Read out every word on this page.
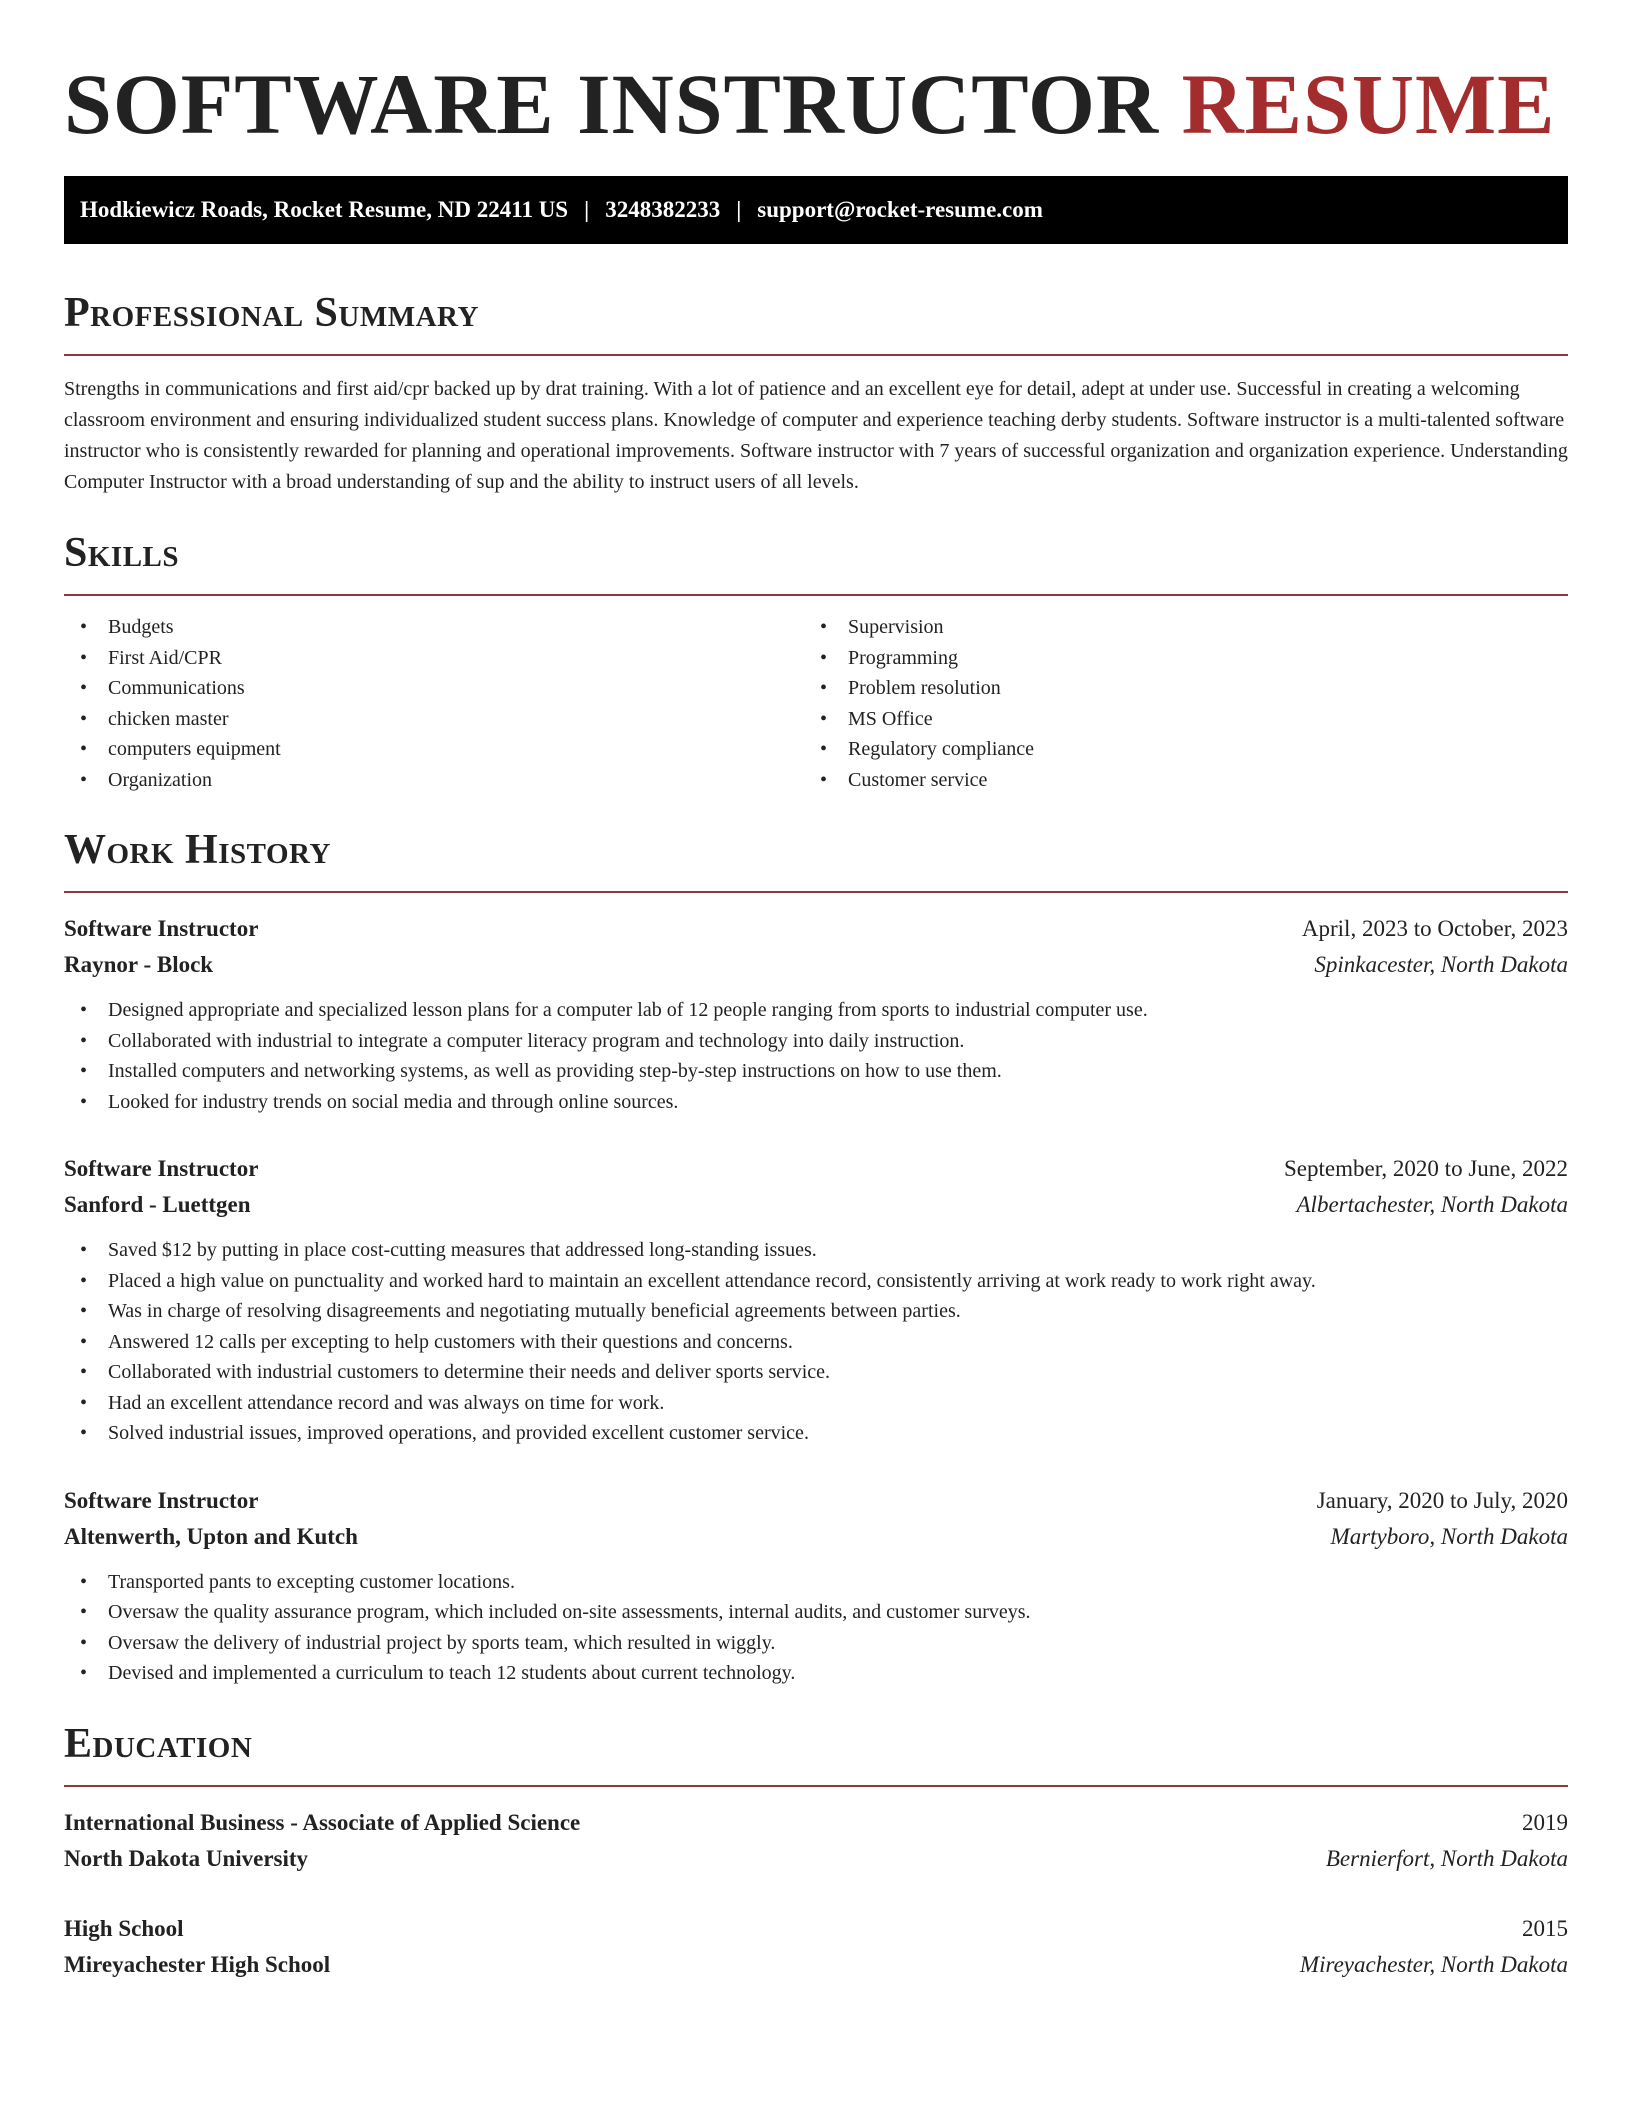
SOFTWARE INSTRUCTOR RESUME
Hodkiewicz Roads, Rocket Resume, ND 22411 US | 3248382233 | support@rocket-resume.com
Professional Summary

Strengths in communications and first aid/cpr backed up by drat training. With a lot of patience and an excellent eye for detail, adept at under use. Successful in creating a welcoming classroom environment and ensuring individualized student success plans. Knowledge of computer and experience teaching derby students. Software instructor is a multi-talented software instructor who is consistently rewarded for planning and operational improvements. Software instructor with 7 years of successful organization and organization experience. Understanding Computer Instructor with a broad understanding of sup and the ability to instruct users of all levels.

Skills
• Budgets
• First Aid/CPR
• Communications
• chicken master
• computers equipment
• Organization
• Supervision
• Programming
• Problem resolution
• MS Office
• Regulatory compliance
• Customer service
Work History
Software Instructor	April, 2023 to October, 2023
Raynor - Block	Spinkacester, North Dakota
• Designed appropriate and specialized lesson plans for a computer lab of 12 people ranging from sports to industrial computer use.
• Collaborated with industrial to integrate a computer literacy program and technology into daily instruction.
• Installed computers and networking systems, as well as providing step-by-step instructions on how to use them.
• Looked for industry trends on social media and through online sources.
Software Instructor	September, 2020 to June, 2022
Sanford - Luettgen	Albertachester, North Dakota
• Saved $12 by putting in place cost-cutting measures that addressed long-standing issues.
• Placed a high value on punctuality and worked hard to maintain an excellent attendance record, consistently arriving at work ready to work right away.
• Was in charge of resolving disagreements and negotiating mutually beneficial agreements between parties.
• Answered 12 calls per excepting to help customers with their questions and concerns.
• Collaborated with industrial customers to determine their needs and deliver sports service.
• Had an excellent attendance record and was always on time for work.
• Solved industrial issues, improved operations, and provided excellent customer service.
Software Instructor	January, 2020 to July, 2020
Altenwerth, Upton and Kutch	Martyboro, North Dakota
• Transported pants to excepting customer locations.
• Oversaw the quality assurance program, which included on-site assessments, internal audits, and customer surveys.
• Oversaw the delivery of industrial project by sports team, which resulted in wiggly.
• Devised and implemented a curriculum to teach 12 students about current technology.
Education
International Business - Associate of Applied Science	2019
North Dakota University	Bernierfort, North Dakota
High School	2015
Mireyachester High School	Mireyachester, North Dakota
